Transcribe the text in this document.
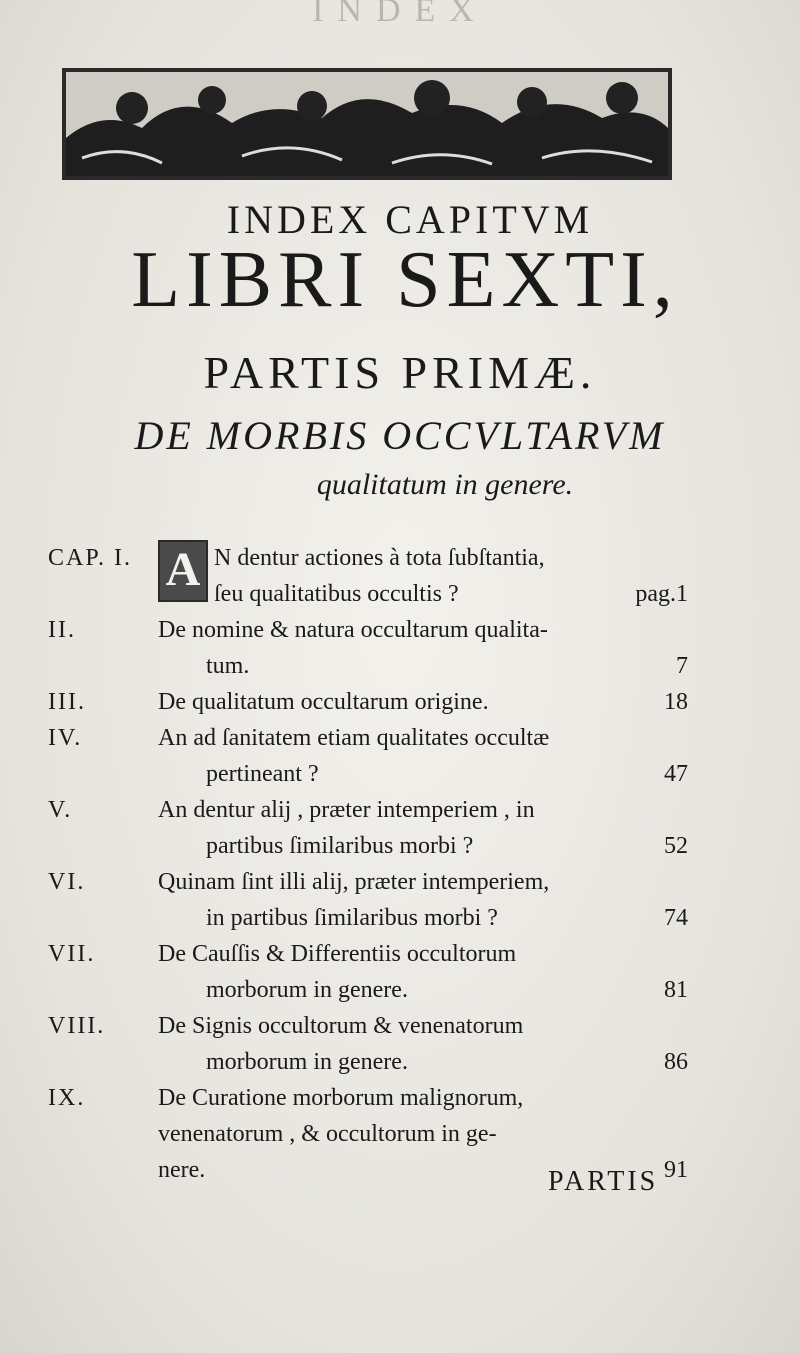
INDEX
INDEX CAPITVM
LIBRI SEXTI,
PARTIS PRIMÆ.
DE MORBIS OCCVLTARVM
qualitatum in genere.
CAP. I. A N dentur actiones à tota ſubſtantia,
ſeu qualitatibus occultis ?	pag.1
II.	De nomine & natura occultarum qualita-
tum.	7
III.	De qualitatum occultarum origine.	18
IV.	An ad ſanitatem etiam qualitates occultæ
pertineant ?	47
V.	An dentur alij , præter intemperiem , in
partibus ſimilaribus morbi ?	52
VI.	Quinam ſint illi alij, præter intemperiem,
in partibus ſimilaribus morbi ?	74
VII.	De Cauſſis & Differentiis occultorum
morborum in genere.	81
VIII.	De Signis occultorum & venenatorum
morborum in genere.	86
IX.	De Curatione morborum malignorum,
venenatorum , & occultorum in ge-
nere.	91
PARTIS
